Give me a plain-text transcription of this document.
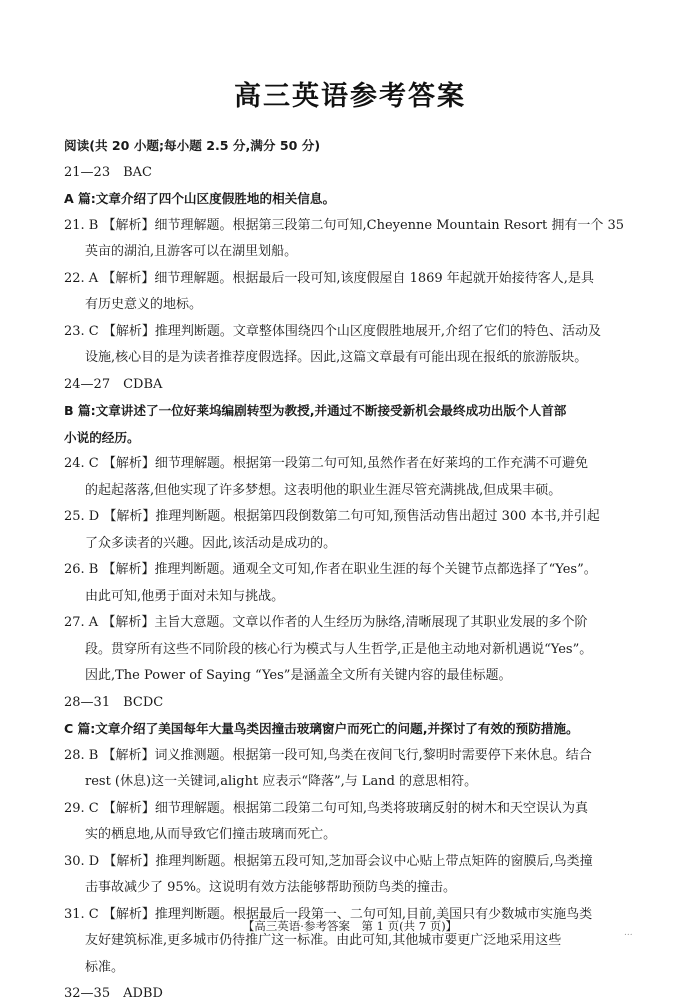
高三英语参考答案
阅读(共 20 小题;每小题 2.5 分,满分 50 分)
21—23　BAC
A 篇:文章介绍了四个山区度假胜地的相关信息。
21. B 【解析】细节理解题。根据第三段第二句可知,Cheyenne Mountain Resort 拥有一个 35
英亩的湖泊,且游客可以在湖里划船。
22. A 【解析】细节理解题。根据最后一段可知,该度假屋自 1869 年起就开始接待客人,是具
有历史意义的地标。
23. C 【解析】推理判断题。文章整体围绕四个山区度假胜地展开,介绍了它们的特色、活动及
设施,核心目的是为读者推荐度假选择。因此,这篇文章最有可能出现在报纸的旅游版块。
24—27　CDBA
B 篇:文章讲述了一位好莱坞编剧转型为教授,并通过不断接受新机会最终成功出版个人首部
小说的经历。
24. C 【解析】细节理解题。根据第一段第二句可知,虽然作者在好莱坞的工作充满不可避免
的起起落落,但他实现了许多梦想。这表明他的职业生涯尽管充满挑战,但成果丰硕。
25. D 【解析】推理判断题。根据第四段倒数第二句可知,预售活动售出超过 300 本书,并引起
了众多读者的兴趣。因此,该活动是成功的。
26. B 【解析】推理判断题。通观全文可知,作者在职业生涯的每个关键节点都选择了“Yes”。
由此可知,他勇于面对未知与挑战。
27. A 【解析】主旨大意题。文章以作者的人生经历为脉络,清晰展现了其职业发展的多个阶
段。贯穿所有这些不同阶段的核心行为模式与人生哲学,正是他主动地对新机遇说“Yes”。
因此,The Power of Saying “Yes”是涵盖全文所有关键内容的最佳标题。
28—31　BCDC
C 篇:文章介绍了美国每年大量鸟类因撞击玻璃窗户而死亡的问题,并探讨了有效的预防措施。
28. B 【解析】词义推测题。根据第一段可知,鸟类在夜间飞行,黎明时需要停下来休息。结合
rest (休息)这一关键词,alight 应表示“降落”,与 Land 的意思相符。
29. C 【解析】细节理解题。根据第二段第二句可知,鸟类将玻璃反射的树木和天空误认为真
实的栖息地,从而导致它们撞击玻璃而死亡。
30. D 【解析】推理判断题。根据第五段可知,芝加哥会议中心贴上带点矩阵的窗膜后,鸟类撞
击事故减少了 95%。这说明有效方法能够帮助预防鸟类的撞击。
31. C 【解析】推理判断题。根据最后一段第一、二句可知,目前,美国只有少数城市实施鸟类
友好建筑标准,更多城市仍待推广这一标准。由此可知,其他城市要更广泛地采用这些
标准。
32—35　ADBD
【高三英语·参考答案　第 1 页(共 7 页)】	...
